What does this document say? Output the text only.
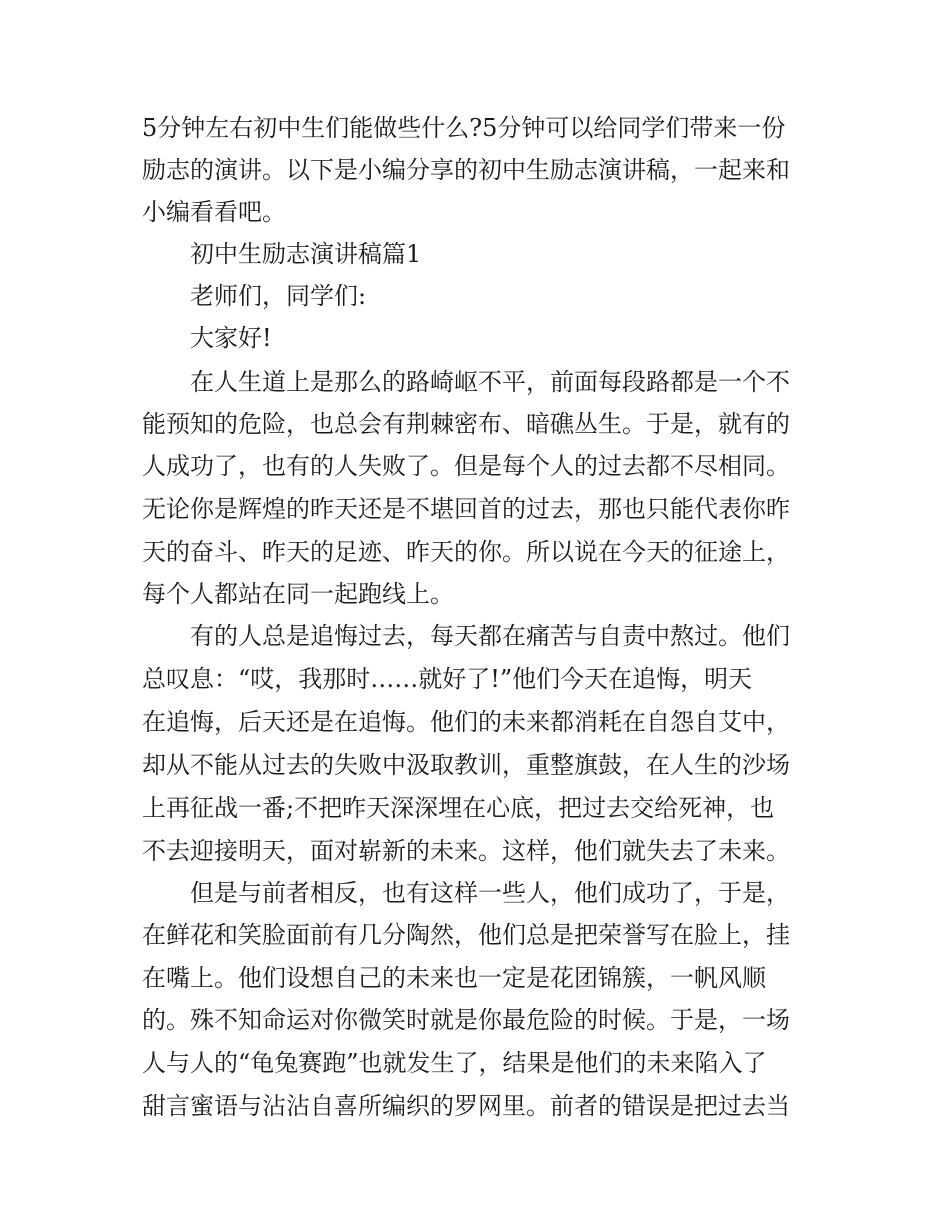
5分钟左右初中生们能做些什么?5分钟可以给同学们带来一份
励志的演讲。以下是小编分享的初中生励志演讲稿，一起来和
小编看看吧。
初中生励志演讲稿篇1
老师们，同学们:
大家好!
在人生道上是那么的路崎岖不平，前面每段路都是一个不
能预知的危险，也总会有荆棘密布、暗礁丛生。于是，就有的
人成功了，也有的人失败了。但是每个人的过去都不尽相同。
无论你是辉煌的昨天还是不堪回首的过去，那也只能代表你昨
天的奋斗、昨天的足迹、昨天的你。所以说在今天的征途上，
每个人都站在同一起跑线上。
有的人总是追悔过去，每天都在痛苦与自责中熬过。他们
总叹息：“哎，我那时……就好了!”他们今天在追悔，明天
在追悔，后天还是在追悔。他们的未来都消耗在自怨自艾中，
却从不能从过去的失败中汲取教训，重整旗鼓，在人生的沙场
上再征战一番;不把昨天深深埋在心底，把过去交给死神，也
不去迎接明天，面对崭新的未来。这样，他们就失去了未来。
但是与前者相反，也有这样一些人，他们成功了，于是，
在鲜花和笑脸面前有几分陶然，他们总是把荣誉写在脸上，挂
在嘴上。他们设想自己的未来也一定是花团锦簇，一帆风顺
的。殊不知命运对你微笑时就是你最危险的时候。于是，一场
人与人的“龟兔赛跑”也就发生了，结果是他们的未来陷入了
甜言蜜语与沾沾自喜所编织的罗网里。前者的错误是把过去当
